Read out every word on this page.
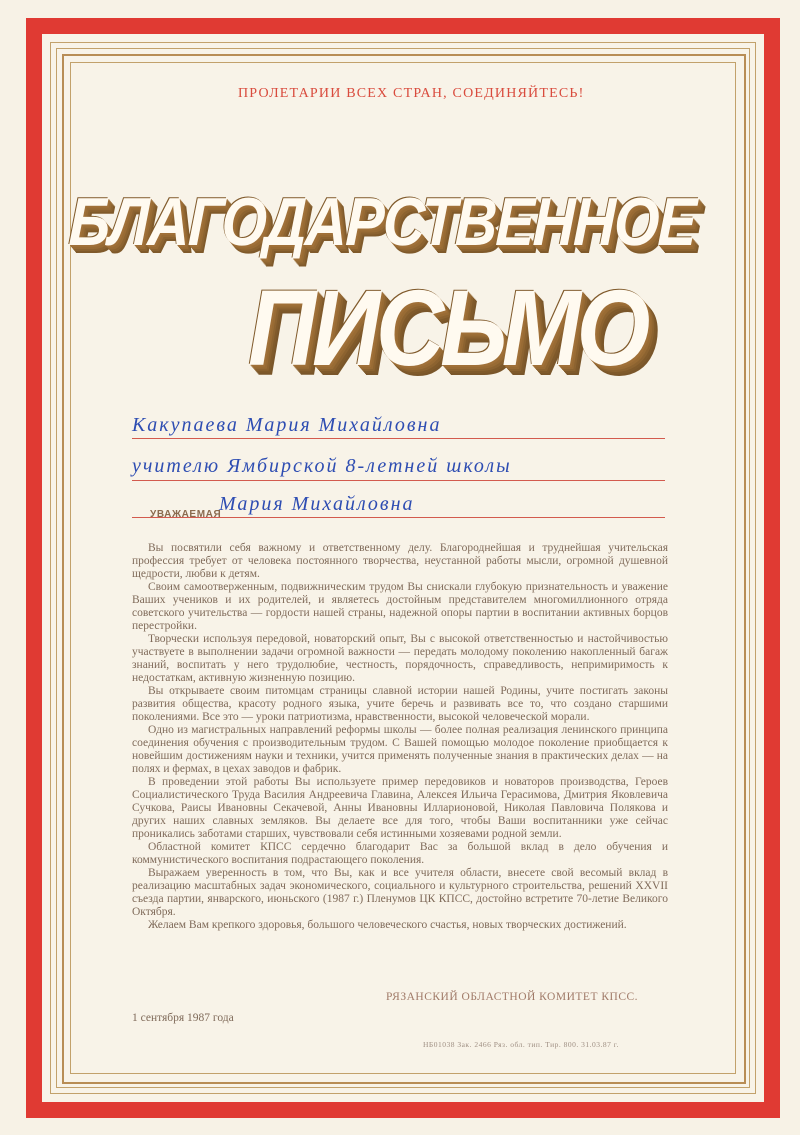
ПРОЛЕТАРИИ ВСЕХ СТРАН, СОЕДИНЯЙТЕСЬ!
БЛАГОДАРСТВЕННОЕ
ПИСЬМО
Какупаева Мария Михайловна
учителю Ямбирской 8-летней школы
УВАЖАЕМАЯ
Мария Михайловна

Вы посвятили себя важному и ответственному делу. Благороднейшая и труднейшая учительская профессия требует от человека постоянного творчества, неустанной работы мысли, огромной душевной щедрости, любви к детям.

Своим самоотверженным, подвижническим трудом Вы снискали глубокую признательность и уважение Ваших учеников и их родителей, и являетесь достойным представителем многомиллионного отряда советского учительства — гордости нашей страны, надежной опоры партии в воспитании активных борцов перестройки.

Творчески используя передовой, новаторский опыт, Вы с высокой ответственностью и настойчивостью участвуете в выполнении задачи огромной важности — передать молодому поколению накопленный багаж знаний, воспитать у него трудолюбие, честность, порядочность, справедливость, непримиримость к недостаткам, активную жизненную позицию.

Вы открываете своим питомцам страницы славной истории нашей Родины, учите постигать законы развития общества, красоту родного языка, учите беречь и развивать все то, что создано старшими поколениями. Все это — уроки патриотизма, нравственности, высокой человеческой морали.

Одно из магистральных направлений реформы школы — более полная реализация ленинского принципа соединения обучения с производительным трудом. С Вашей помощью молодое поколение приобщается к новейшим достижениям науки и техники, учится применять полученные знания в практических делах — на полях и фермах, в цехах заводов и фабрик.

В проведении этой работы Вы используете пример передовиков и новаторов производства, Героев Социалистического Труда Василия Андреевича Главина, Алексея Ильича Герасимова, Дмитрия Яковлевича Сучкова, Раисы Ивановны Секачевой, Анны Ивановны Илларионовой, Николая Павловича Полякова и других наших славных земляков. Вы делаете все для того, чтобы Ваши воспитанники уже сейчас проникались заботами старших, чувствовали себя истинными хозяевами родной земли.

Областной комитет КПСС сердечно благодарит Вас за большой вклад в дело обучения и коммунистического воспитания подрастающего поколения.

Выражаем уверенность в том, что Вы, как и все учителя области, внесете свой весомый вклад в реализацию масштабных задач экономического, социального и культурного строительства, решений XXVII съезда партии, январского, июньского (1987 г.) Пленумов ЦК КПСС, достойно встретите 70-летие Великого Октября.

Желаем Вам крепкого здоровья, большого человеческого счастья, новых творческих достижений.

РЯЗАНСКИЙ ОБЛАСТНОЙ КОМИТЕТ КПСС.
1 сентября 1987 года
НБ01038 Зак. 2466 Ряз. обл. тип. Тир. 800. 31.03.87 г.
